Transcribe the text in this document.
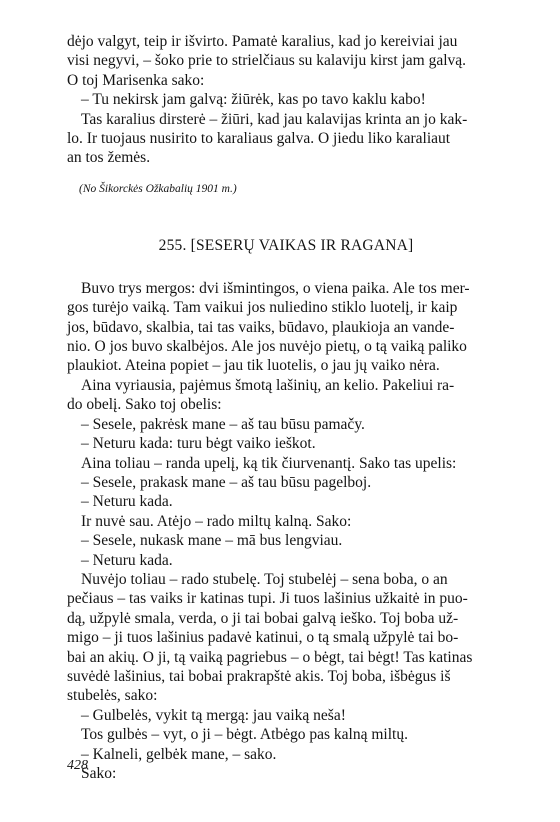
dėjo valgyt, teip ir išvirto. Pamatė karalius, kad jo kereiviai jau
visi negyvi, – šoko prie to strielčiaus su kalaviju kirst jam galvą.
O toj Marisenka sako:

– Tu nekirsk jam galvą: žiūrėk, kas po tavo kaklu kabo!

Tas karalius dirsterė – žiūri, kad jau kalavijas krinta an jo kak-
lo. Ir tuojaus nusirito to karaliaus galva. O jiedu liko karaliaut
an tos žemės.

(No Šikorckės Ožkabalių 1901 m.)

255. [SESERŲ VAIKAS IR RAGANA]

Buvo trys mergos: dvi išmintingos, o viena paika. Ale tos mer-
gos turėjo vaiką. Tam vaikui jos nuliedino stiklo luotelį, ir kaip
jos, būdavo, skalbia, tai tas vaiks, būdavo, plaukioja an vande-
nio. O jos buvo skalbėjos. Ale jos nuvėjo pietų, o tą vaiką paliko
plaukiot. Ateina popiet – jau tik luotelis, o jau jų vaiko nėra.

Aina vyriausia, pajėmus šmotą lašinių, an kelio. Pakeliui ra-
do obelį. Sako toj obelis:

– Sesele, pakrėsk mane – aš tau būsu pamačy.

– Neturu kada: turu bėgt vaiko ieškot.

Aina toliau – randa upelį, ką tik čiurvenantį. Sako tas upelis:

– Sesele, prakask mane – aš tau būsu pagelboj.

– Neturu kada.

Ir nuvė sau. Atėjo – rado miltų kalną. Sako:

– Sesele, nukask mane – mā bus lengviau.

– Neturu kada.

Nuvėjo toliau – rado stubelę. Toj stubelėj – sena boba, o an
pečiaus – tas vaiks ir katinas tupi. Ji tuos lašinius užkaitė in puo-
dą, užpylė smala, verda, o ji tai bobai galvą ieško. Toj boba už-
migo – ji tuos lašinius padavė katinui, o tą smalą užpylė tai bo-
bai an akių. O ji, tą vaiką pagriebus – o bėgt, tai bėgt! Tas katinas
suvėdė lašinius, tai bobai prakrapštė akis. Toj boba, išbėgus iš
stubelės, sako:

– Gulbelės, vykit tą mergą: jau vaiką neša!

Tos gulbės – vyt, o ji – bėgt. Atbėgo pas kalną miltų.

– Kalneli, gelbėk mane, – sako.

Sako:

428
